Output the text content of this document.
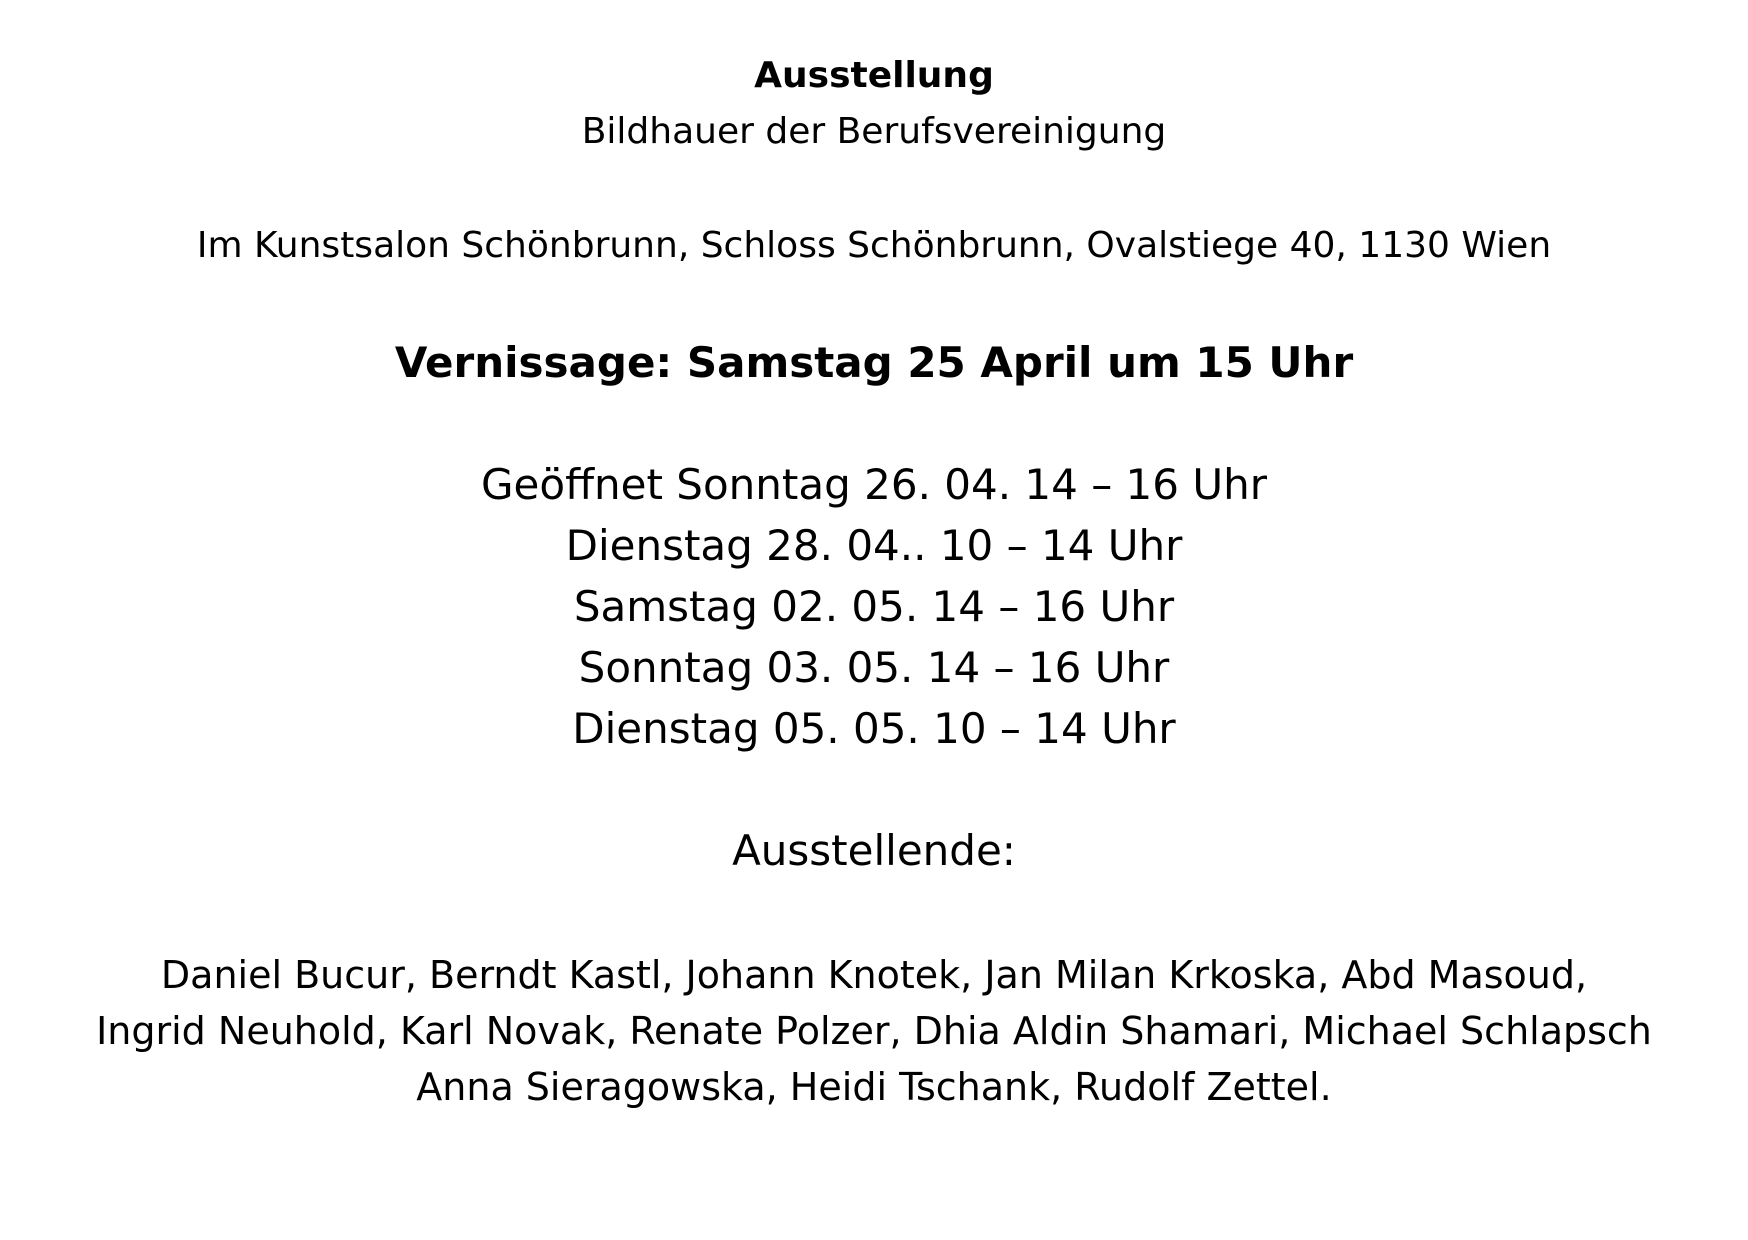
Ausstellung
Bildhauer der Berufsvereinigung
Im Kunstsalon Schönbrunn, Schloss Schönbrunn, Ovalstiege 40, 1130 Wien
Vernissage: Samstag 25 April um 15 Uhr
Geöffnet Sonntag 26. 04. 14 – 16 Uhr
Dienstag 28. 04.. 10 – 14 Uhr
Samstag 02. 05. 14 – 16 Uhr
Sonntag 03. 05. 14 – 16 Uhr
Dienstag 05. 05. 10 – 14 Uhr
Ausstellende:
Daniel Bucur, Berndt Kastl, Johann Knotek, Jan Milan Krkoska, Abd Masoud,
Ingrid Neuhold, Karl Novak, Renate Polzer, Dhia Aldin Shamari, Michael Schlapsch
Anna Sieragowska, Heidi Tschank, Rudolf Zettel.
